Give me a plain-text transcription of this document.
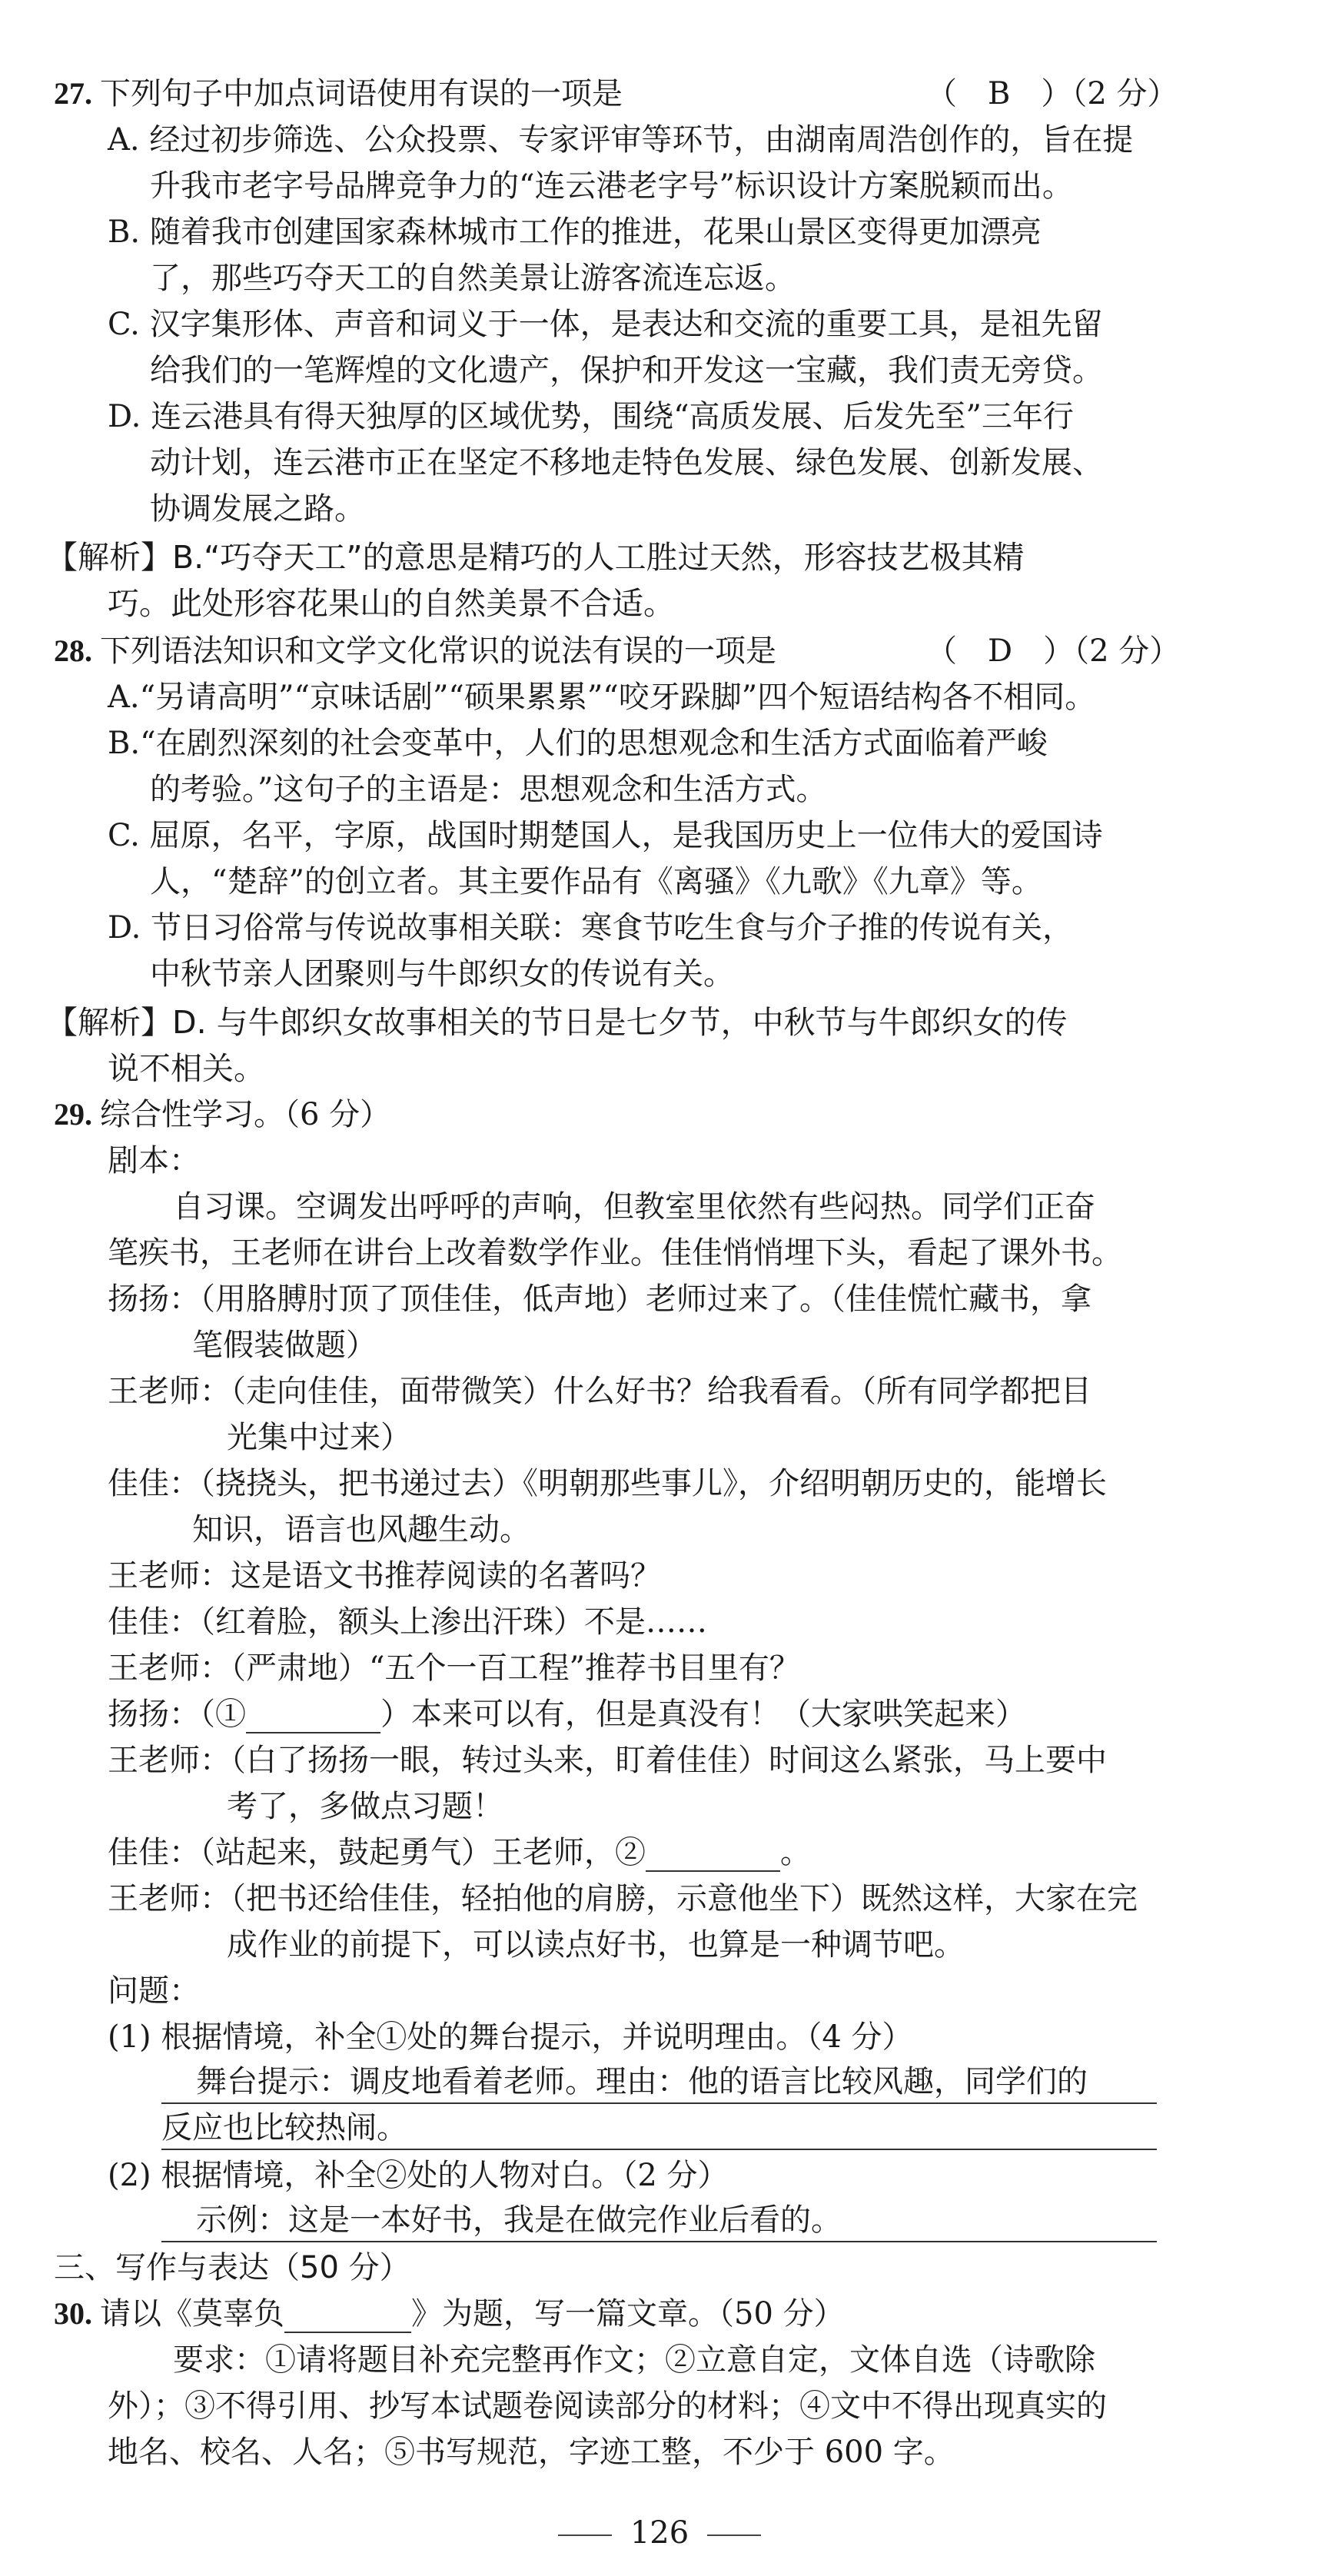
27. 下列句子中加点词语使用有误的一项是	（　B　）（2 分）
A. 经过初步筛选、公众投票、专家评审等环节，由湖南周浩创作的，旨在提
升我市老字号品牌竞争力的“连云港老字号”标识设计方案脱颖而出。
B. 随着我市创建国家森林城市工作的推进，花果山景区变得更加漂亮
了，那些巧夺天工的自然美景让游客流连忘返。
C. 汉字集形体、声音和词义于一体，是表达和交流的重要工具，是祖先留
给我们的一笔辉煌的文化遗产，保护和开发这一宝藏，我们责无旁贷。
D. 连云港具有得天独厚的区域优势，围绕“高质发展、后发先至”三年行
动计划，连云港市正在坚定不移地走特色发展、绿色发展、创新发展、
协调发展之路。
【解析】B.“巧夺天工”的意思是精巧的人工胜过天然，形容技艺极其精
巧。此处形容花果山的自然美景不合适。
28. 下列语法知识和文学文化常识的说法有误的一项是	（　D　）（2 分）
A.“另请高明”“京味话剧”“硕果累累”“咬牙跺脚”四个短语结构各不相同。
B.“在剧烈深刻的社会变革中，人们的思想观念和生活方式面临着严峻
的考验。”这句子的主语是：思想观念和生活方式。
C. 屈原，名平，字原，战国时期楚国人，是我国历史上一位伟大的爱国诗
人，“楚辞”的创立者。其主要作品有《离骚》《九歌》《九章》等。
D. 节日习俗常与传说故事相关联：寒食节吃生食与介子推的传说有关，
中秋节亲人团聚则与牛郎织女的传说有关。
【解析】D. 与牛郎织女故事相关的节日是七夕节，中秋节与牛郎织女的传
说不相关。
29. 综合性学习。（6 分）
剧本：
自习课。空调发出呼呼的声响，但教室里依然有些闷热。同学们正奋
笔疾书，王老师在讲台上改着数学作业。佳佳悄悄埋下头，看起了课外书。
扬扬：（用胳膊肘顶了顶佳佳，低声地）老师过来了。（佳佳慌忙藏书，拿
笔假装做题）
王老师：（走向佳佳，面带微笑）什么好书？给我看看。（所有同学都把目
光集中过来）
佳佳：（挠挠头，把书递过去）《明朝那些事儿》，介绍明朝历史的，能增长
知识，语言也风趣生动。
王老师：这是语文书推荐阅读的名著吗？
佳佳：（红着脸，额头上渗出汗珠）不是……
王老师：（严肃地）“五个一百工程”推荐书目里有？
扬扬：（①	）本来可以有，但是真没有！（大家哄笑起来）
王老师：（白了扬扬一眼，转过头来，盯着佳佳）时间这么紧张，马上要中
考了，多做点习题！
佳佳：（站起来，鼓起勇气）王老师，②	。
王老师：（把书还给佳佳，轻拍他的肩膀，示意他坐下）既然这样，大家在完
成作业的前提下，可以读点好书，也算是一种调节吧。
问题：
(1) 根据情境，补全①处的舞台提示，并说明理由。（4 分）
舞台提示：调皮地看着老师。理由：他的语言比较风趣，同学们的
反应也比较热闹。
(2) 根据情境，补全②处的人物对白。（2 分）
示例：这是一本好书，我是在做完作业后看的。
三、写作与表达（50 分）
30. 请以《莫辜负	》为题，写一篇文章。（50 分）
要求：①请将题目补充完整再作文；②立意自定，文体自选（诗歌除
外）；③不得引用、抄写本试题卷阅读部分的材料；④文中不得出现真实的
地名、校名、人名；⑤书写规范，字迹工整，不少于 600 字。
126
